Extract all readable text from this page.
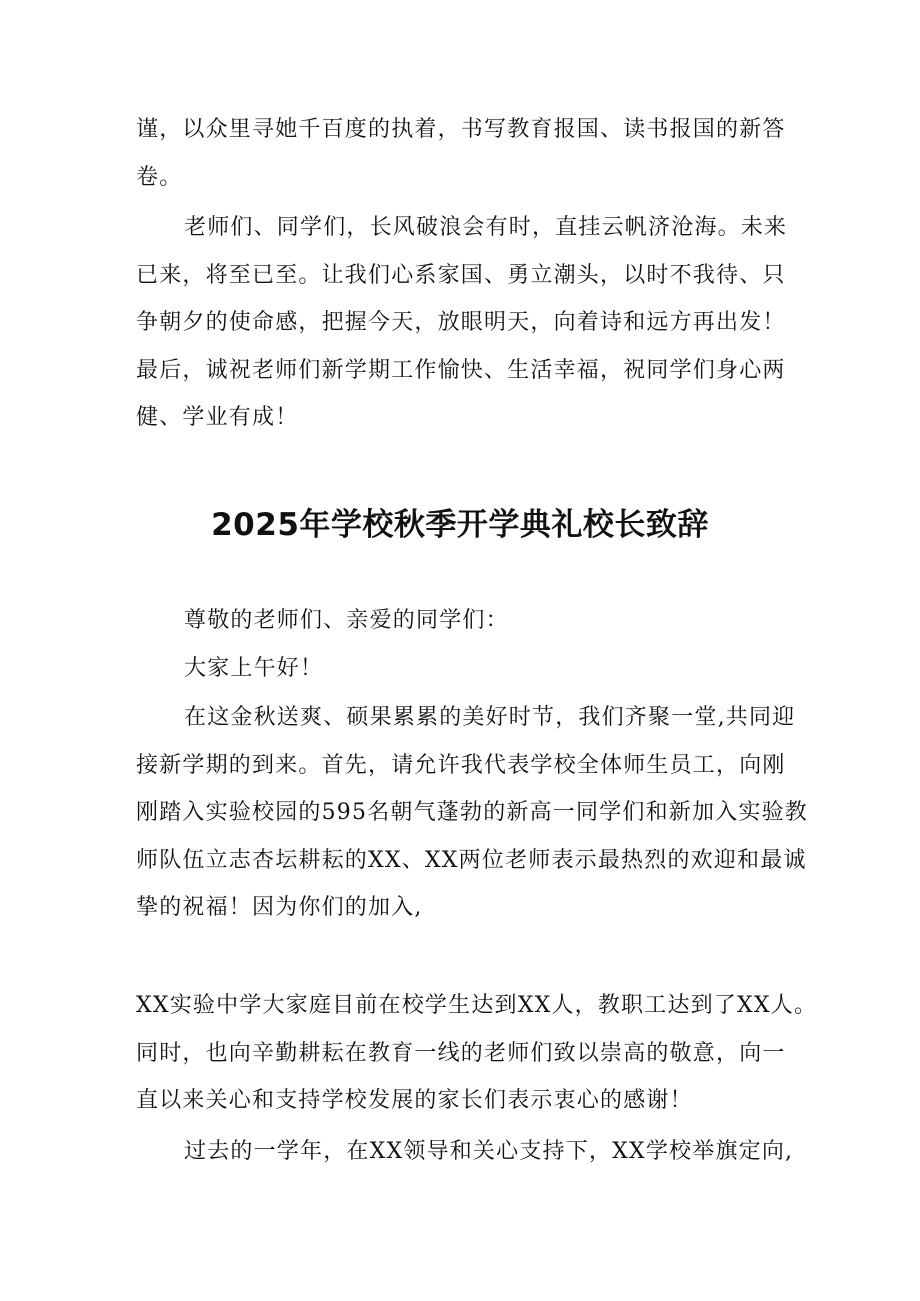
谨，以众里寻她千百度的执着，书写教育报国、读书报国的新答
卷。
老师们、同学们，长风破浪会有时，直挂云帆济沧海。未来
已来，将至已至。让我们心系家国、勇立潮头，以时不我待、只
争朝夕的使命感，把握今天，放眼明天，向着诗和远方再出发！
最后，诚祝老师们新学期工作愉快、生活幸福，祝同学们身心两
健、学业有成！
2025年学校秋季开学典礼校长致辞
尊敬的老师们、亲爱的同学们：
大家上午好！
在这金秋送爽、硕果累累的美好时节，我们齐聚一堂,共同迎
接新学期的到来。首先，请允许我代表学校全体师生员工，向刚
刚踏入实验校园的595名朝气蓬勃的新高一同学们和新加入实验教
师队伍立志杏坛耕耘的XX、XX两位老师表示最热烈的欢迎和最诚
挚的祝福！因为你们的加入,
XX实验中学大家庭目前在校学生达到XX人，教职工达到了XX人。
同时，也向辛勤耕耘在教育一线的老师们致以崇高的敬意，向一
直以来关心和支持学校发展的家长们表示衷心的感谢！
过去的一学年，在XX领导和关心支持下，XX学校举旗定向,
